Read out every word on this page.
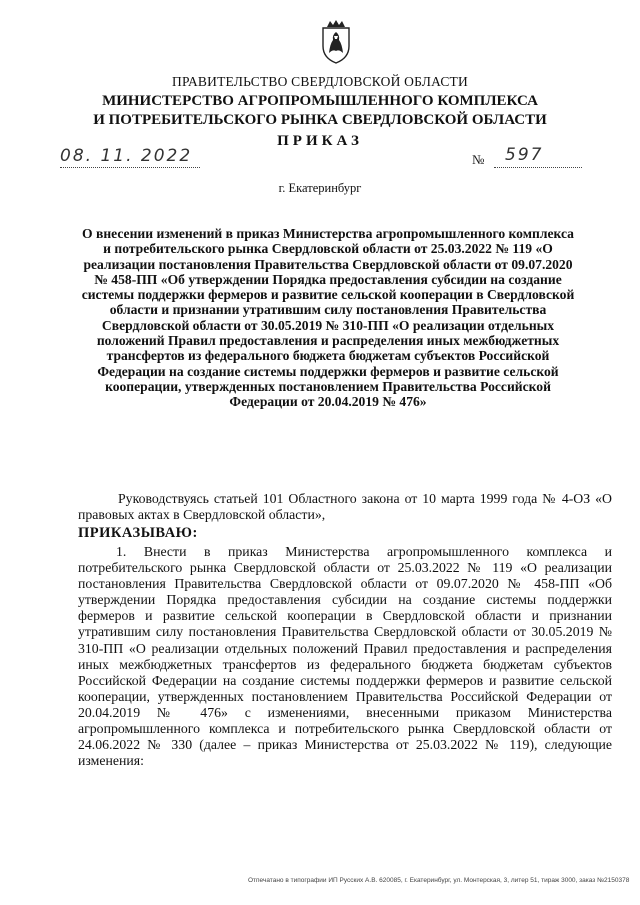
ПРАВИТЕЛЬСТВО СВЕРДЛОВСКОЙ ОБЛАСТИ
МИНИСТЕРСТВО АГРОПРОМЫШЛЕННОГО КОМПЛЕКСА
И ПОТРЕБИТЕЛЬСКОГО РЫНКА СВЕРДЛОВСКОЙ ОБЛАСТИ
ПРИКАЗ
08. 11. 2022	№ 597
г. Екатеринбург
О внесении изменений в приказ Министерства агропромышленного комплекса и потребительского рынка Свердловской области от 25.03.2022 № 119 «О реализации постановления Правительства Свердловской области от 09.07.2020 № 458-ПП «Об утверждении Порядка предоставления субсидии на создание системы поддержки фермеров и развитие сельской кооперации в Свердловской области и признании утратившим силу постановления Правительства Свердловской области от 30.05.2019 № 310-ПП «О реализации отдельных положений Правил предоставления и распределения иных межбюджетных трансфертов из федерального бюджета бюджетам субъектов Российской Федерации на создание системы поддержки фермеров и развитие сельской кооперации, утвержденных постановлением Правительства Российской Федерации от 20.04.2019 № 476»
Руководствуясь статьей 101 Областного закона от 10 марта 1999 года № 4-ОЗ «О правовых актах в Свердловской области»,
ПРИКАЗЫВАЮ:
1. Внести в приказ Министерства агропромышленного комплекса и потребительского рынка Свердловской области от 25.03.2022 № 119 «О реализации постановления Правительства Свердловской области от 09.07.2020 № 458-ПП «Об утверждении Порядка предоставления субсидии на создание системы поддержки фермеров и развитие сельской кооперации в Свердловской области и признании утратившим силу постановления Правительства Свердловской области от 30.05.2019 № 310-ПП «О реализации отдельных положений Правил предоставления и распределения иных межбюджетных трансфертов из федерального бюджета бюджетам субъектов Российской Федерации на создание системы поддержки фермеров и развитие сельской кооперации, утвержденных постановлением Правительства Российской Федерации от 20.04.2019 № 476» с изменениями, внесенными приказом Министерства агропромышленного комплекса и потребительского рынка Свердловской области от 24.06.2022 № 330 (далее – приказ Министерства от 25.03.2022 № 119), следующие изменения:
Отпечатано в типографии ИП Русских А.В. 620085, г. Екатеринбург, ул. Монтерская, 3, литер 51, тираж 3000, заказ №2150378
